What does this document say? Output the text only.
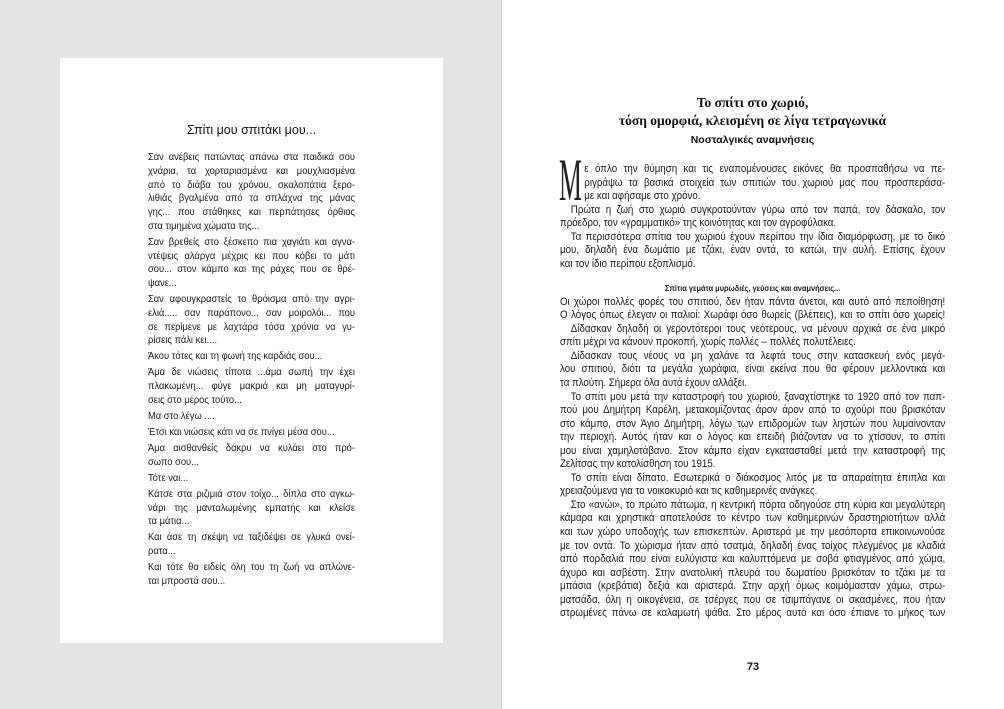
Σπίτι μου σπιτάκι μου...
Σαν ανέβεις πατώντας απάνω στα παιδικά σου
χνάρια, τα χορταριασμένα και μουχλιασμένα
από το διάβα του χρόνου, σκαλοπάτια ξερο-
λιθιάς βγαλμένα από τα σπλάχνα της μάνας
γης... που στάθηκες και περπάτησες όρθιος
στα τιμημένα χώματα της...
Σαν βρεθείς στο ξέσκεπο πια χαγιάτι και αγνα-
ντέψεις αλάργα μέχρις κει που κόβει το μάτι
σου... στον κάμπο και της ράχες που σε θρέ-
ψανε...
Σαν αφουγκραστείς το θρόισμα από την αγρι-
ελιά..... σαν παράπονο... σαν μοιρολόι... που
σε περίμενε με λαχτάρα τόσα χρόνια να γυ-
ρίσεις πάλι κει....
Άκου τότες και τη φωνή της καρδιάς σου...
Άμα δε νιώσεις τίποτα ...άμα σωπή την έχει
πλακωμένη... φύγε μακριά και μη ματαγυρί-
σεις στο μέρος τούτο...
Μα στο λέγω ....
Έτσι και νιώσεις κάτι να σε πνίγει μέσα σου...
Άμα αισθανθείς δάκρυ να κυλάει στο πρό-
σωπο σου...
Τότε ναι...
Κάτσε στα ριζιμιά στον τοίχο... δίπλα στο αγκω-
νάρι της μανταλωμένης εμπατής και κλείσε
τα μάτια...
Και άσε τη σκέψη να ταξιδέψει σε γλυκά ονεί-
ρατα...
Και τότε θα ειδείς όλη του τη ζωή να απλώνε-
ται μπροστά σου...
Το σπίτι στο χωριό,
τόση ομορφιά, κλεισμένη σε λίγα τετραγωνικά
Νοσταλγικές αναμνήσεις
Μ ε όπλο την θύμηση και τις εναπομένουσες εικόνες θα προσπαθήσω να πε-
ριγράψω τα βασικά στοιχεία των σπιτιών του χωριού μας που προσπεράσα-
με και αφήσαμε στο χρόνο.
Πρώτα η ζωή στο χωριό συγκροτούνταν γύρω από τον παπά, τον δάσκαλο, τον
πρόεδρο, τον «γραμματικό» της κοινότητας και τον αγροφύλακα.
Τα περισσότερα σπίτια του χωριού έχουν περίπου την ίδια διαμόρφωση, με το δικό
μου, δηλαδή ένα δωμάτιο με τζάκι, έναν οντά, το κατώι, την αυλή. Επίσης έχουν
και τον ίδιο περίπου εξοπλισμό.
Σπίτια γεμάτα μυρωδιές, γεύσεις και αναμνήσεις...
Οι χώροι πολλές φορές του σπιτιού, δεν ήταν πάντα άνετοι, και αυτό από πεποίθηση!
Ο λόγος όπως έλεγαν οι παλιοί: Χωράφι όσο θωρείς (βλέπεις), και το σπίτι όσο χωρείς!
Δίδασκαν δηλαδή οι γεροντότεροι τους νεότερους, να μένουν αρχικά σε ένα μικρό
σπίτι μέχρι να κάνουν προκοπή, χωρίς πολλές – πολλές πολυτέλειες.
Δίδασκαν τους νέους να μη χαλάνε τα λεφτά τους στην κατασκευή ενός μεγά-
λου σπιτιού, διότι τα μεγάλα χωράφια, είναι εκείνα που θα φέρουν μελλοντικά και
τα πλούτη. Σήμερα όλα αυτά έχουν αλλάξει.
Το σπίτι μου μετά την καταστροφή του χωριού, ξαναχτίστηκε το 1920 από τον παπ-
πού μου Δημήτρη Καρέλη, μετακομίζοντας άρον άρον από το αχούρι που βρισκόταν
στο κάμπο, στον Άγιο Δημήτρη, λόγω των επιδρομών των ληστών που λυμαίνονταν
την περιοχή. Αυτός ήταν και ο λόγος και επειδή βιάζονταν να το χτίσουν, το σπίτι
μου είναι χαμηλοτάβανο. Στον κάμπο είχαν εγκατασταθεί μετά την καταστροφή της
Ζελίτσας την κατολίσθηση του 1915.
Το σπίτι είναι δίπατο. Εσωτερικά ο διάκοσμος λιτός με τα απαραίτητα έπιπλα και
χρειαζούμενα για το νοικοκυριό και τις καθημερινές ανάγκες.
Στο «ανώι», το πρώτο πάτωμα, η κεντρική πόρτα οδηγούσε στη κύρια και μεγαλύτερη
κάμαρα και χρηστικά αποτελούσε το κέντρο των καθημερινών δραστηριοτήτων αλλά
και των χώρο υποδοχής των επισκεπτών. Αριστερά με την μεσόπορτα επικοινωνούσε
με τον οντά. Το χώρισμα ήταν από τσατμά, δηλαδή ένας τοίχος πλεγμένος με κλαδιά
από πορδαλιά που είναι ευλύγιστα και καλυπτόμενα με σοβά φτιαγμένος από χώμα,
άχυρο και ασβέστη. Στην ανατολική πλευρά του δωματίου βρισκόταν το τζάκι με τα
μπάσια (κρεβάτια) δεξιά και αριστερά. Στην αρχή όμως κοιμόμασταν χάμω, στρω-
ματσάδα, όλη η οικογένεια, σε τσέργες που σε τσιμπάγανε οι σκασμένες, που ήταν
στρωμένες πάνω σε καλαμωτή ψάθα. Στο μέρος αυτό και όσο έπιανε το μήκος των
73
